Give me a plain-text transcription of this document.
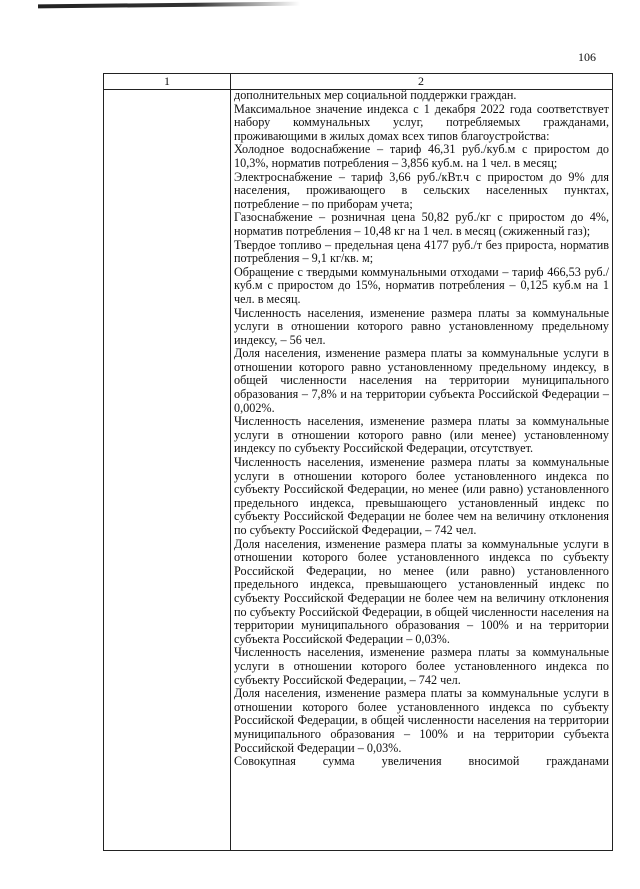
106
1	2

дополнительных мер социальной поддержки граждан.

Максимальное значение индекса с 1 декабря 2022 года соответствует набору коммунальных услуг, потребляемых гражданами, проживающими в жилых домах всех типов благоустройства:

Холодное водоснабжение – тариф 46,31 руб./куб.м с приростом до 10,3%, норматив потребления – 3,856 куб.м. на 1 чел. в месяц;

Электроснабжение – тариф 3,66 руб./кВт.ч с приростом до 9% для населения, проживающего в сельских населенных пунктах, потребление – по приборам учета;

Газоснабжение – розничная цена 50,82 руб./кг с приростом до 4%, норматив потребления – 10,48 кг на 1 чел. в месяц (сжиженный газ);

Твердое топливо – предельная цена 4177 руб./т без прироста, норматив потребления – 9,1 кг/кв. м;

Обращение с твердыми коммунальными отходами – тариф 466,53 руб./куб.м с приростом до 15%, норматив потребления – 0,125 куб.м на 1 чел. в месяц.

Численность населения, изменение размера платы за коммунальные услуги в отношении которого равно установленному предельному индексу, – 56 чел.

Доля населения, изменение размера платы за коммунальные услуги в отношении которого равно установленному предельному индексу, в общей численности населения на территории муниципального образования – 7,8% и на территории субъекта Российской Федерации – 0,002%.

Численность населения, изменение размера платы за коммунальные услуги в отношении которого равно (или менее) установленному индексу по субъекту Российской Федерации, отсутствует.

Численность населения, изменение размера платы за коммунальные услуги в отношении которого более установленного индекса по субъекту Российской Федерации, но менее (или равно) установленного предельного индекса, превышающего установленный индекс по субъекту Российской Федерации не более чем на величину отклонения по субъекту Российской Федерации, – 742 чел.

Доля населения, изменение размера платы за коммунальные услуги в отношении которого более установленного индекса по субъекту Российской Федерации, но менее (или равно) установленного предельного индекса, превышающего установленный индекс по субъекту Российской Федерации не более чем на величину отклонения по субъекту Российской Федерации, в общей численности населения на территории муниципального образования – 100% и на территории субъекта Российской Федерации – 0,03%.

Численность населения, изменение размера платы за коммунальные услуги в отношении которого более установленного индекса по субъекту Российской Федерации, – 742 чел.

Доля населения, изменение размера платы за коммунальные услуги в отношении которого более установленного индекса по субъекту Российской Федерации, в общей численности населения на территории муниципального образования – 100% и на территории субъекта Российской Федерации – 0,03%.

Совокупная сумма увеличения вносимой гражданами
